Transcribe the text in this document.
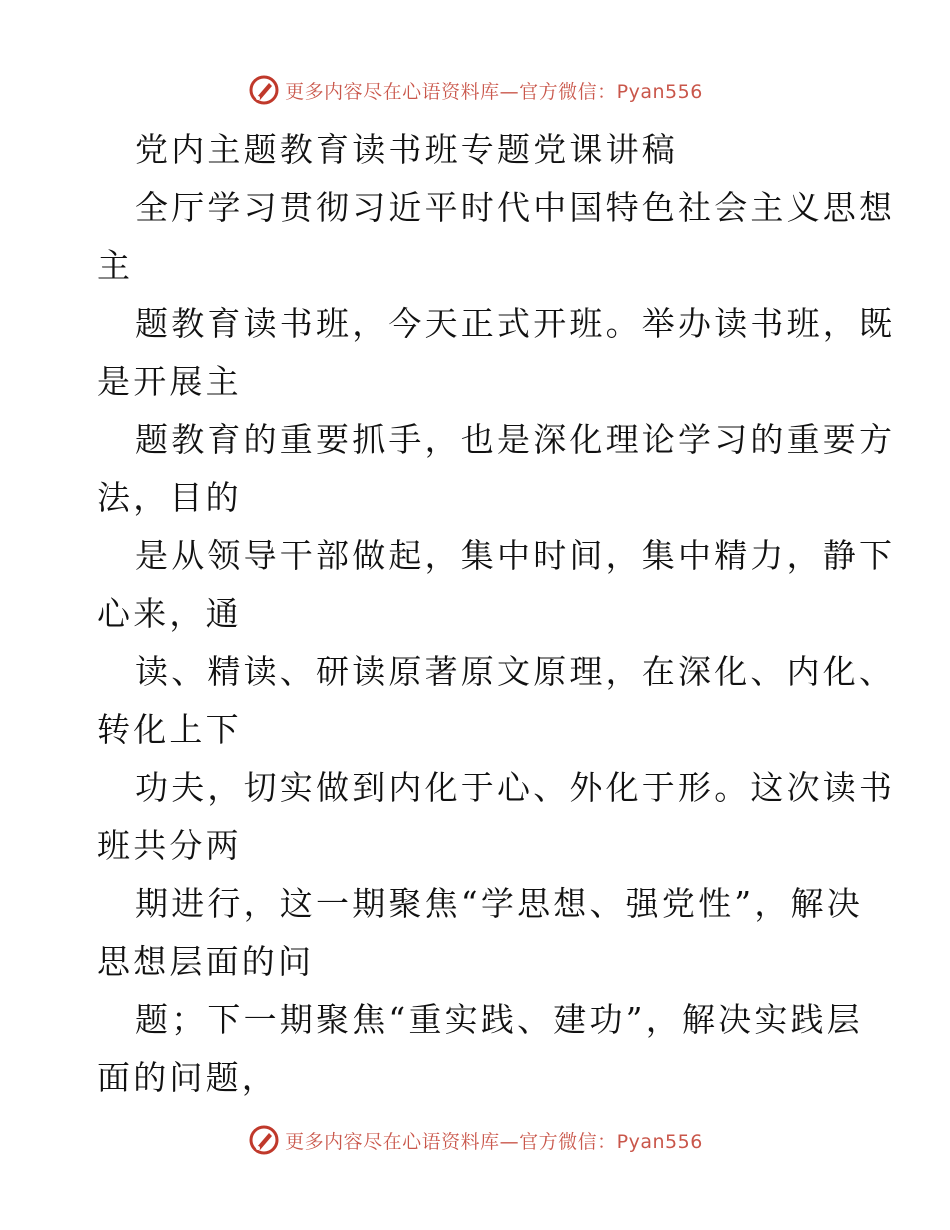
更多内容尽在心语资料库—官方微信：Pyan556
党内主题教育读书班专题党课讲稿
全厅学习贯彻习近平时代中国特色社会主义思想
主
题教育读书班，今天正式开班。举办读书班，既
是开展主
题教育的重要抓手，也是深化理论学习的重要方
法，目的
是从领导干部做起，集中时间，集中精力，静下
心来，通
读、精读、研读原著原文原理，在深化、内化、
转化上下
功夫，切实做到内化于心、外化于形。这次读书
班共分两
期进行，这一期聚焦“学思想、强党性”，解决
思想层面的问
题；下一期聚焦“重实践、建功”，解决实践层
面的问题，
更多内容尽在心语资料库—官方微信：Pyan556
